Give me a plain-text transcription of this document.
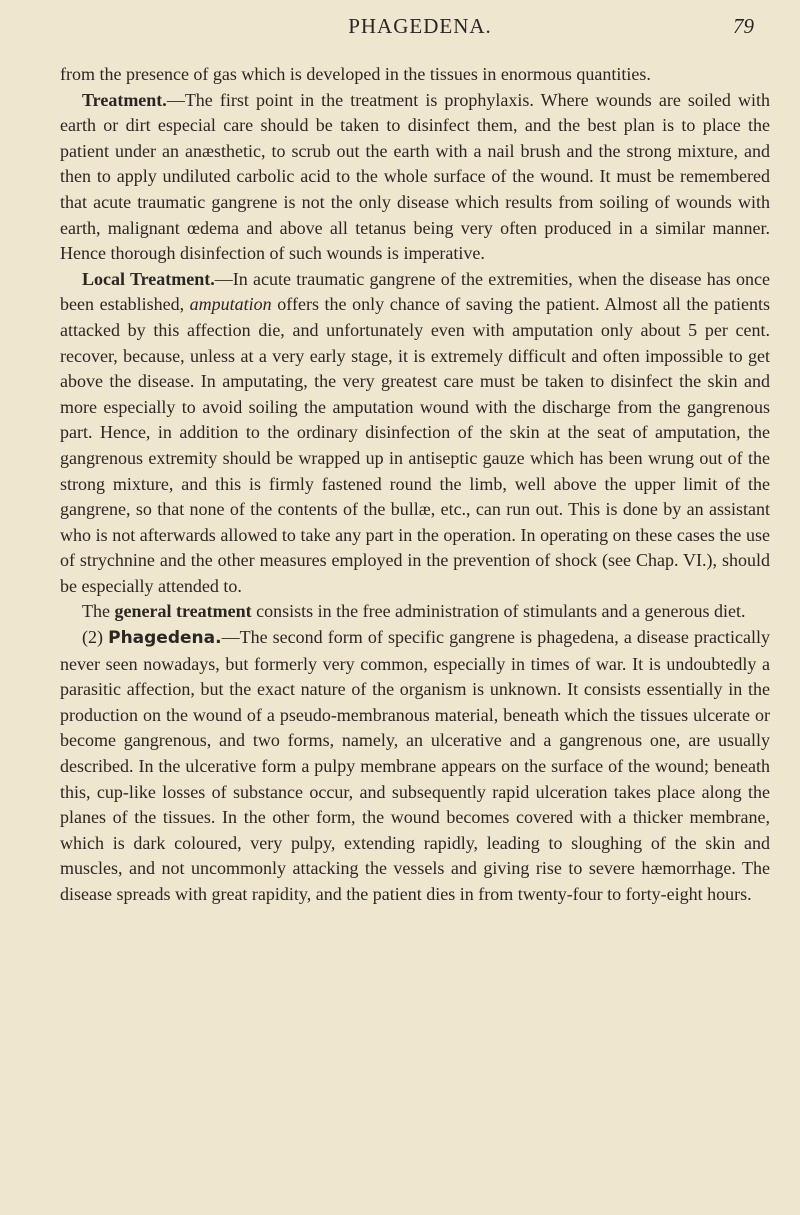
PHAGEDENA.	79

from the presence of gas which is developed in the tissues in enormous quantities.

Treatment.—The first point in the treatment is prophylaxis. Where wounds are soiled with earth or dirt especial care should be taken to disinfect them, and the best plan is to place the patient under an anæsthetic, to scrub out the earth with a nail brush and the strong mixture, and then to apply undiluted carbolic acid to the whole surface of the wound. It must be remembered that acute traumatic gangrene is not the only disease which results from soiling of wounds with earth, malignant œdema and above all tetanus being very often produced in a similar manner. Hence thorough disinfection of such wounds is imperative.

Local Treatment.—In acute traumatic gangrene of the extremities, when the disease has once been established, amputation offers the only chance of saving the patient. Almost all the patients attacked by this affection die, and unfortunately even with amputation only about 5 per cent. recover, because, unless at a very early stage, it is extremely difficult and often impossible to get above the disease. In amputating, the very greatest care must be taken to disinfect the skin and more especially to avoid soiling the amputation wound with the discharge from the gangrenous part. Hence, in addition to the ordinary disinfection of the skin at the seat of amputation, the gangrenous extremity should be wrapped up in antiseptic gauze which has been wrung out of the strong mixture, and this is firmly fastened round the limb, well above the upper limit of the gangrene, so that none of the contents of the bullæ, etc., can run out. This is done by an assistant who is not afterwards allowed to take any part in the operation. In operating on these cases the use of strychnine and the other measures employed in the prevention of shock (see Chap. VI.), should be especially attended to.

The general treatment consists in the free administration of stimulants and a generous diet.

(2) Phagedena.—The second form of specific gangrene is phagedena, a disease practically never seen nowadays, but formerly very common, especially in times of war. It is undoubtedly a parasitic affection, but the exact nature of the organism is unknown. It consists essentially in the production on the wound of a pseudo-membranous material, beneath which the tissues ulcerate or become gangrenous, and two forms, namely, an ulcerative and a gangrenous one, are usually described. In the ulcerative form a pulpy membrane appears on the surface of the wound; beneath this, cup-like losses of substance occur, and subsequently rapid ulceration takes place along the planes of the tissues. In the other form, the wound becomes covered with a thicker membrane, which is dark coloured, very pulpy, extending rapidly, leading to sloughing of the skin and muscles, and not uncommonly attacking the vessels and giving rise to severe hæmorrhage. The disease spreads with great rapidity, and the patient dies in from twenty-four to forty-eight hours.
